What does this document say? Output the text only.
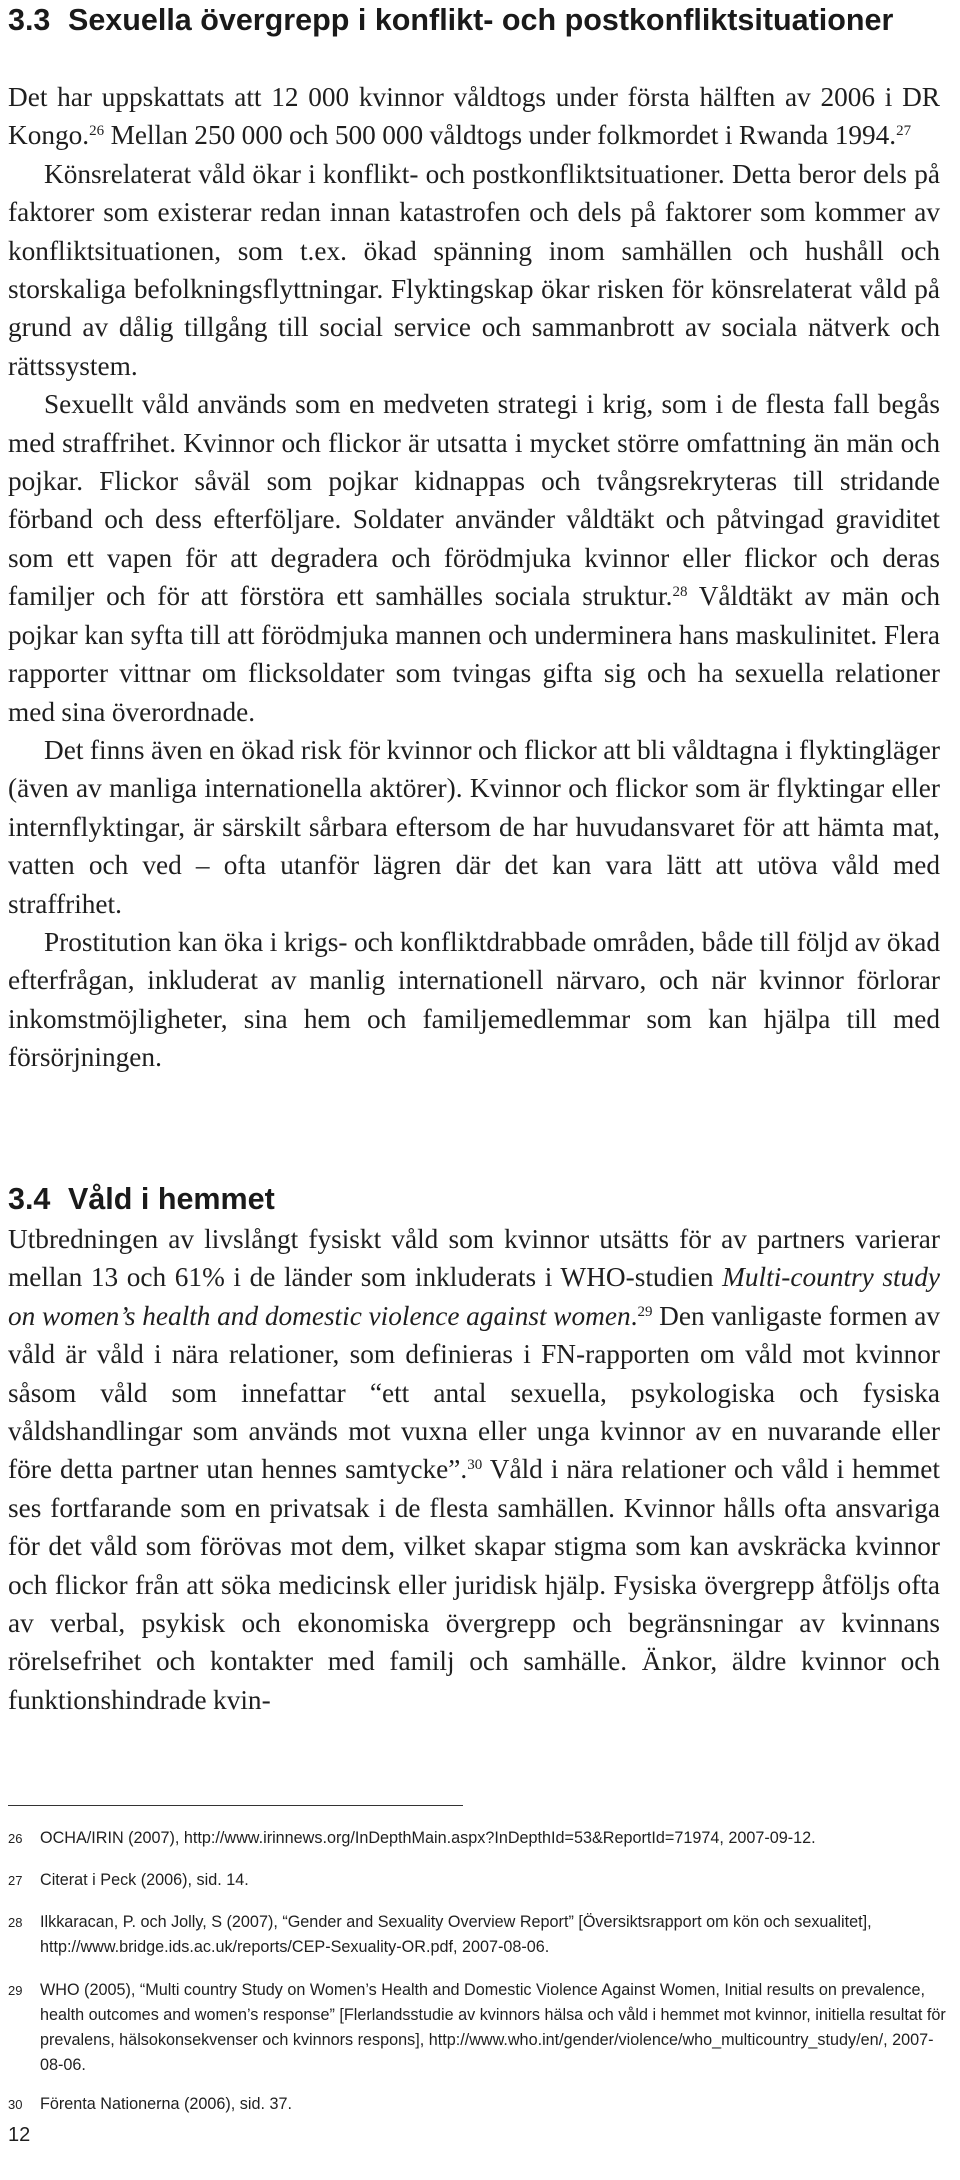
3.3 Sexuella övergrepp i konflikt- och postkonfliktsituationer

Det har uppskattats att 12 000 kvinnor våldtogs under första hälften av 2006 i DR Kongo.$^{26}$ Mellan 250 000 och 500 000 våldtogs under folkmordet i Rwanda 1994.27

Könsrelaterat våld ökar i konflikt- och postkonfliktsituationer. Detta beror dels på faktorer som existerar redan innan katastrofen och dels på faktorer som kommer av konfliktsituationen, som t.ex. ökad spänning inom samhällen och hushåll och storskaliga befolkningsflyttningar. Flyktingskap ökar risken för könsrelaterat våld på grund av dålig tillgång till social service och sammanbrott av sociala nätverk och rättssystem.

Sexuellt våld används som en medveten strategi i krig, som i de flesta fall begås med straffrihet. Kvinnor och flickor är utsatta i mycket större omfattning än män och pojkar. Flickor såväl som pojkar kidnappas och tvångsrekryteras till stridande förband och dess efterföljare. Soldater använder våldtäkt och påtvingad graviditet som ett vapen för att degradera och förödmjuka kvinnor eller flickor och deras familjer och för att förstöra ett samhälles sociala struktur.$^{28}$ Våldtäkt av män och pojkar kan syfta till att förödmjuka mannen och underminera hans maskulinitet. Flera rapporter vittnar om flicksoldater som tvingas gifta sig och ha sexuella relationer med sina överordnade.

Det finns även en ökad risk för kvinnor och flickor att bli våldtagna i flyktingläger (även av manliga internationella aktörer). Kvinnor och flickor som är flyktingar eller internflyktingar, är särskilt sårbara eftersom de har huvudansvaret för att hämta mat, vatten och ved – ofta utanför lägren där det kan vara lätt att utöva våld med straffrihet.

Prostitution kan öka i krigs- och konfliktdrabbade områden, både till följd av ökad efterfrågan, inkluderat av manlig internationell närvaro, och när kvinnor förlorar inkomstmöjligheter, sina hem och familjemedlemmar som kan hjälpa till med försörjningen.

3.4 Våld i hemmet

Utbredningen av livslångt fysiskt våld som kvinnor utsätts för av partners varierar mellan 13 och 61% i de länder som inkluderats i WHO-studien Multi-country study on women’s health and domestic violence against women.$^{29}$ Den vanligaste formen av våld är våld i nära relationer, som definieras i FN-rapporten om våld mot kvinnor såsom våld som innefattar “ett antal sexuella, psykologiska och fysiska våldshandlingar som används mot vuxna eller unga kvinnor av en nuvarande eller före detta partner utan hennes samtycke”.$^{30}$ Våld i nära relationer och våld i hemmet ses fortfarande som en privatsak i de flesta samhällen. Kvinnor hålls ofta ansvariga för det våld som förövas mot dem, vilket skapar stigma som kan avskräcka kvinnor och flickor från att söka medicinsk eller juridisk hjälp. Fysiska övergrepp åtföljs ofta av verbal, psykisk och ekonomiska övergrepp och begränsningar av kvinnans rörelsefrihet och kontakter med familj och samhälle. Änkor, äldre kvinnor och funktionshindrade kvin-

26 OCHA/IRIN (2007), http://www.irinnews.org/InDepthMain.aspx?InDepthId=53&ReportId=71974, 2007-09-12.
27 Citerat i Peck (2006), sid. 14.
28 Ilkkaracan, P. och Jolly, S (2007), “Gender and Sexuality Overview Report” [Översiktsrapport om kön och sexualitet], http://www.bridge.ids.ac.uk/reports/CEP-Sexuality-OR.pdf, 2007-08-06.
29 WHO (2005), “Multi country Study on Women’s Health and Domestic Violence Against Women, Initial results on prevalence, health outcomes and women’s response” [Flerlandsstudie av kvinnors hälsa och våld i hemmet mot kvinnor, initiella resultat för prevalens, hälsokonsekvenser och kvinnors respons], http://www.who.int/gender/violence/who_multicountry_study/en/, 2007-08-06.
30 Förenta Nationerna (2006), sid. 37.
12
